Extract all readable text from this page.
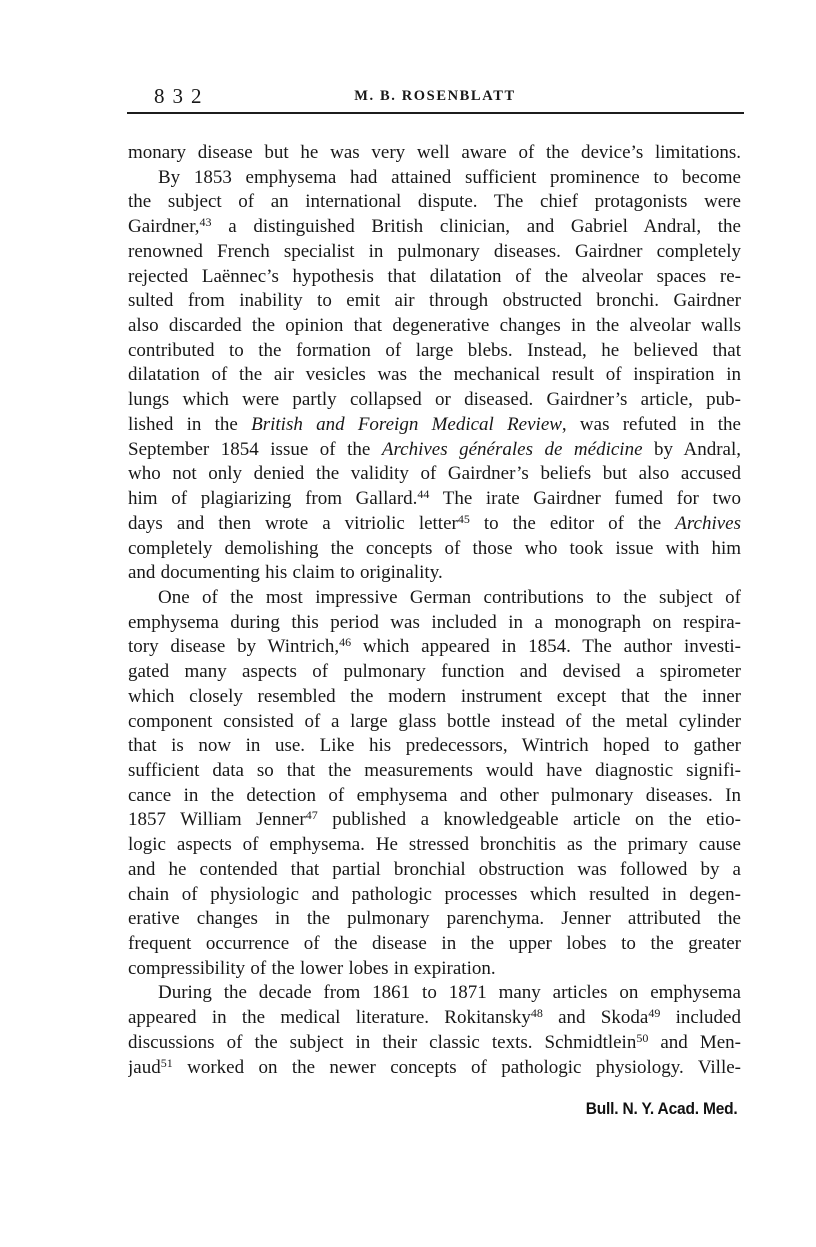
832	M. B. ROSENBLATT
monary disease but he was very well aware of the device’s limitations.
By 1853 emphysema had attained sufficient prominence to become
the subject of an international dispute. The chief protagonists were
Gairdner,$^{43}$ a distinguished British clinician, and Gabriel Andral, the
renowned French specialist in pulmonary diseases. Gairdner completely
rejected Laënnec’s hypothesis that dilatation of the alveolar spaces re-
sulted from inability to emit air through obstructed bronchi. Gairdner
also discarded the opinion that degenerative changes in the alveolar walls
contributed to the formation of large blebs. Instead, he believed that
dilatation of the air vesicles was the mechanical result of inspiration in
lungs which were partly collapsed or diseased. Gairdner’s article, pub-
lished in the British and Foreign Medical Review, was refuted in the
September 1854 issue of the Archives générales de médicine by Andral,
who not only denied the validity of Gairdner’s beliefs but also accused
him of plagiarizing from Gallard.$^{44}$ The irate Gairdner fumed for two
days and then wrote a vitriolic letter$^{45}$ to the editor of the Archives
completely demolishing the concepts of those who took issue with him
and documenting his claim to originality.
One of the most impressive German contributions to the subject of
emphysema during this period was included in a monograph on respira-
tory disease by Wintrich,$^{46}$ which appeared in 1854. The author investi-
gated many aspects of pulmonary function and devised a spirometer
which closely resembled the modern instrument except that the inner
component consisted of a large glass bottle instead of the metal cylinder
that is now in use. Like his predecessors, Wintrich hoped to gather
sufficient data so that the measurements would have diagnostic signifi-
cance in the detection of emphysema and other pulmonary diseases. In
1857 William Jenner$^{47}$ published a knowledgeable article on the etio-
logic aspects of emphysema. He stressed bronchitis as the primary cause
and he contended that partial bronchial obstruction was followed by a
chain of physiologic and pathologic processes which resulted in degen-
erative changes in the pulmonary parenchyma. Jenner attributed the
frequent occurrence of the disease in the upper lobes to the greater
compressibility of the lower lobes in expiration.
During the decade from 1861 to 1871 many articles on emphysema
appeared in the medical literature. Rokitansky$^{48}$ and Skoda$^{49}$ included
discussions of the subject in their classic texts. Schmidtlein$^{50}$ and Men-
jaud$^{51}$ worked on the newer concepts of pathologic physiology. Ville-
Bull. N. Y. Acad. Med.
